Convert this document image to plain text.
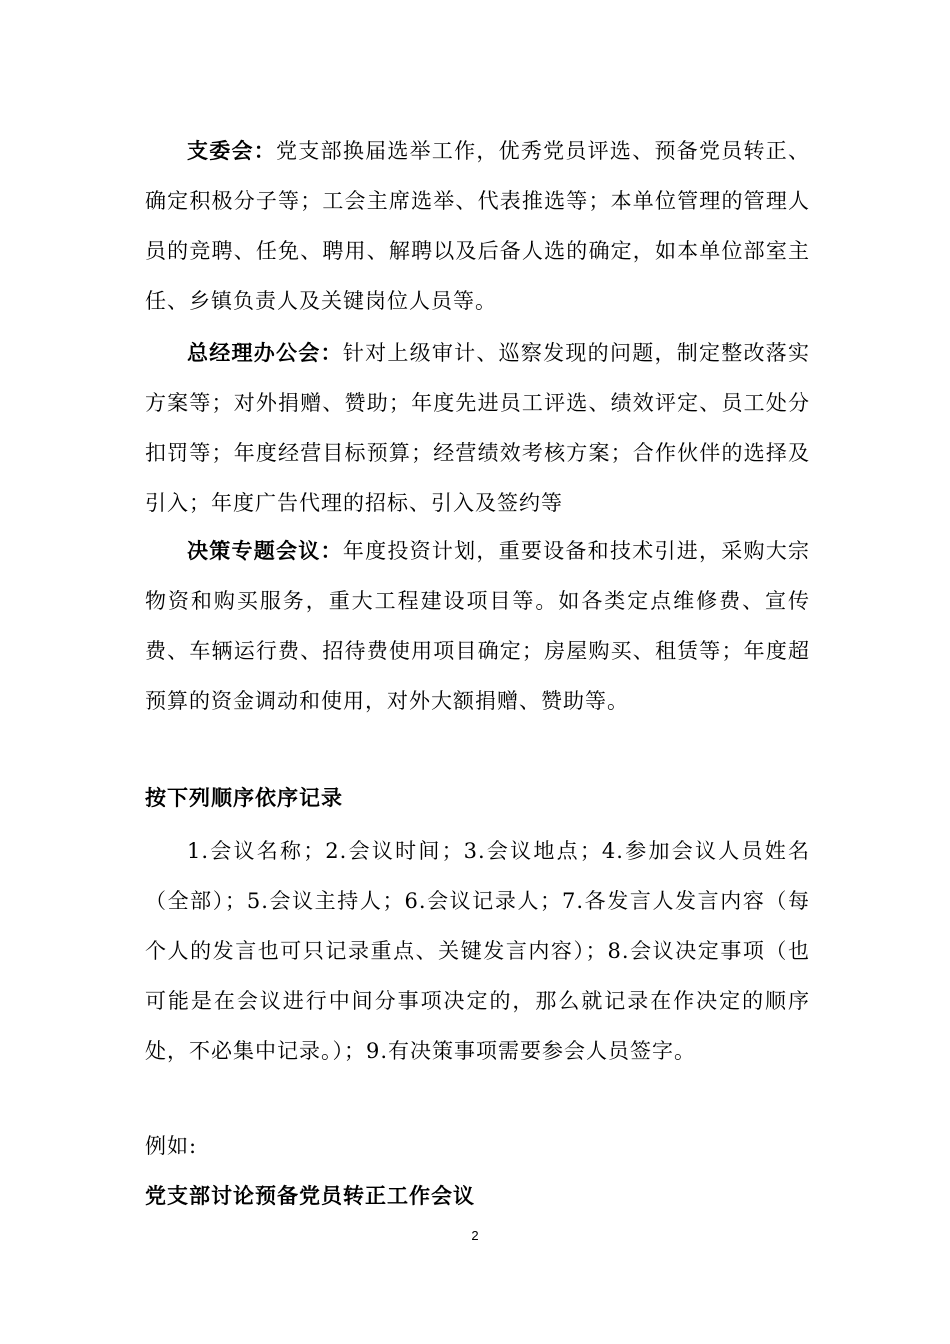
支委会：党支部换届选举工作，优秀党员评选、预备党员转正、确定积极分子等；工会主席选举、代表推选等；本单位管理的管理人员的竞聘、任免、聘用、解聘以及后备人选的确定，如本单位部室主任、乡镇负责人及关键岗位人员等。

总经理办公会：针对上级审计、巡察发现的问题，制定整改落实方案等；对外捐赠、赞助；年度先进员工评选、绩效评定、员工处分扣罚等；年度经营目标预算；经营绩效考核方案；合作伙伴的选择及引入；年度广告代理的招标、引入及签约等

决策专题会议：年度投资计划，重要设备和技术引进，采购大宗物资和购买服务，重大工程建设项目等。如各类定点维修费、宣传费、车辆运行费、招待费使用项目确定；房屋购买、租赁等；年度超预算的资金调动和使用，对外大额捐赠、赞助等。

按下列顺序依序记录

1.会议名称；2.会议时间；3.会议地点；4.参加会议人员姓名（全部）；5.会议主持人；6.会议记录人；7.各发言人发言内容（每个人的发言也可只记录重点、关键发言内容）；8.会议决定事项（也可能是在会议进行中间分事项决定的，那么就记录在作决定的顺序处，不必集中记录。）；9.有决策事项需要参会人员签字。

例如:

党支部讨论预备党员转正工作会议

2
